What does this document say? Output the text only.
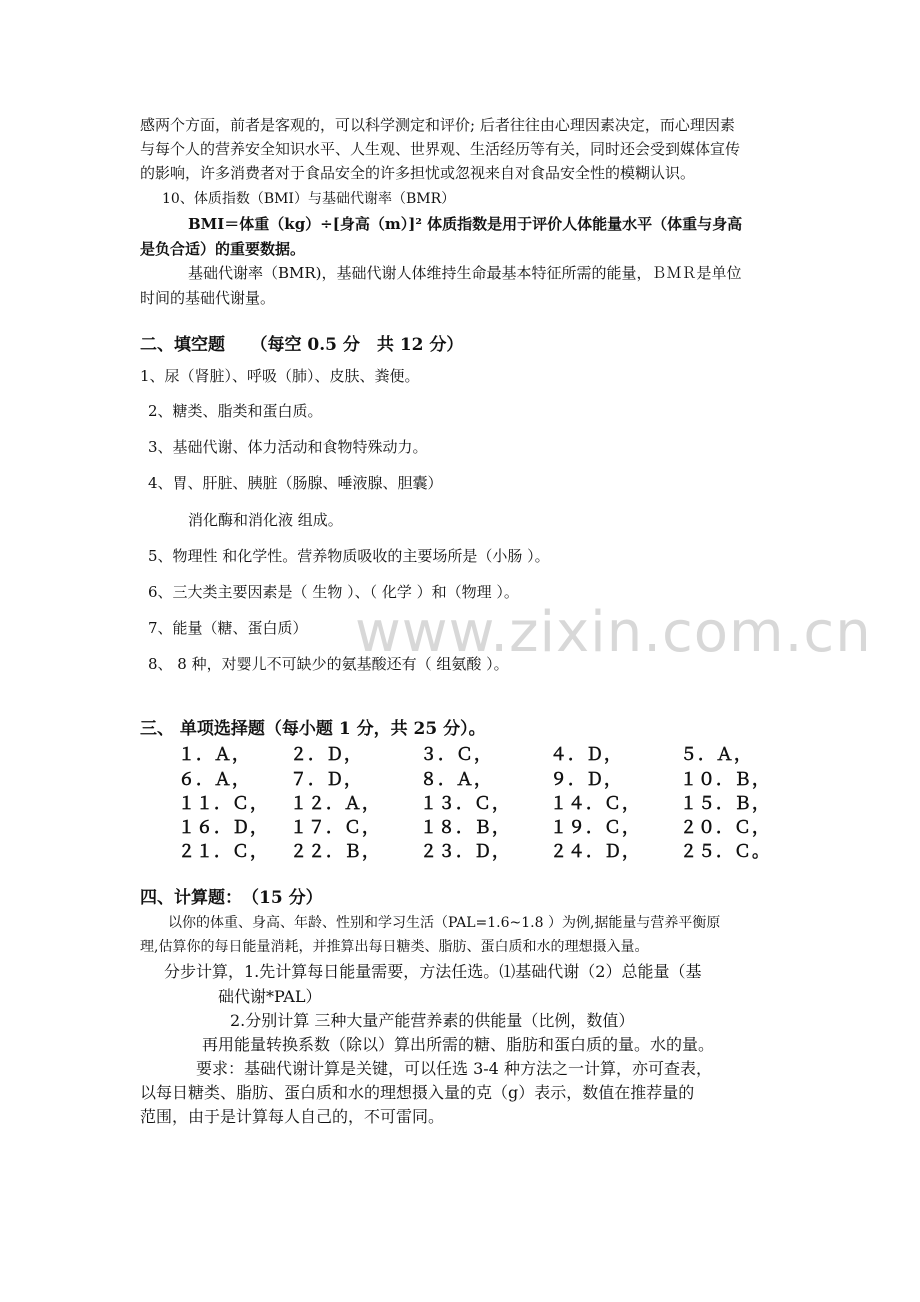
感两个方面，前者是客观的，可以科学测定和评价; 后者往往由心理因素决定，而心理因素
与每个人的营养安全知识水平、人生观、世界观、生活经历等有关，同时还会受到媒体宣传
的影响，许多消费者对于食品安全的许多担忧或忽视来自对食品安全性的模糊认识。
10、体质指数（BMI）与基础代谢率（BMR）
BMI＝体重（kg）÷[身高（m）]² 体质指数是用于评价人体能量水平（体重与身高
是负合适）的重要数据。
基础代谢率（BMR)，基础代谢人体维持生命最基本特征所需的能量，ＢＭＲ是单位
时间的基础代谢量。
二、填空题　　（每空 0.5 分　共 12 分）
1、尿（肾脏）、呼吸（肺）、皮肤、粪便。
2、糖类、脂类和蛋白质。
3、基础代谢、体力活动和食物特殊动力。
4、胃、肝脏、胰脏（肠腺、唾液腺、胆囊）
消化酶和消化液 组成。
5、物理性 和化学性。营养物质吸收的主要场所是（小肠 ）。
6、三大类主要因素是（ 生物 ）、（ 化学 ）和（物理 ）。
7、能量（糖、蛋白质）
8、 8 种，对婴儿不可缺少的氨基酸还有（ 组氨酸 ）。
www.zixin.com.cn
三、 单项选择题（每小题 1 分，共 25 分）。
１．Ａ， ２．Ｄ，	３．Ｃ，	４．Ｄ，	５．Ａ，
６．Ａ， ７．Ｄ，	８．Ａ，	９．Ｄ，	１０．Ｂ，
１１．Ｃ， １２．Ａ， １３．Ｃ， １４．Ｃ， １５．Ｂ，
１６．Ｄ， １７．Ｃ， １８．Ｂ， １９．Ｃ， ２０．Ｃ，
２１．Ｃ， ２２．Ｂ， ２３．Ｄ， ２４．Ｄ， ２５．Ｃ。
四、计算题：　（15 分）
以你的体重、身高、年龄、性别和学习生活（PAL=1.6~1.8 ）为例,据能量与营养平衡原
理,估算你的每日能量消耗，并推算出每日糖类、脂肪、蛋白质和水的理想摄入量。
分步计算，1.先计算每日能量需要，方法任选。⑴基础代谢（2）总能量（基
础代谢*PAL）
2.分别计算 三种大量产能营养素的供能量（比例，数值）
再用能量转换系数（除以）算出所需的糖、脂肪和蛋白质的量。水的量。
要求：基础代谢计算是关键，可以任选 3-4 种方法之一计算，亦可查表，
以每日糖类、脂肪、蛋白质和水的理想摄入量的克（g）表示，数值在推荐量的
范围，由于是计算每人自己的，不可雷同。
